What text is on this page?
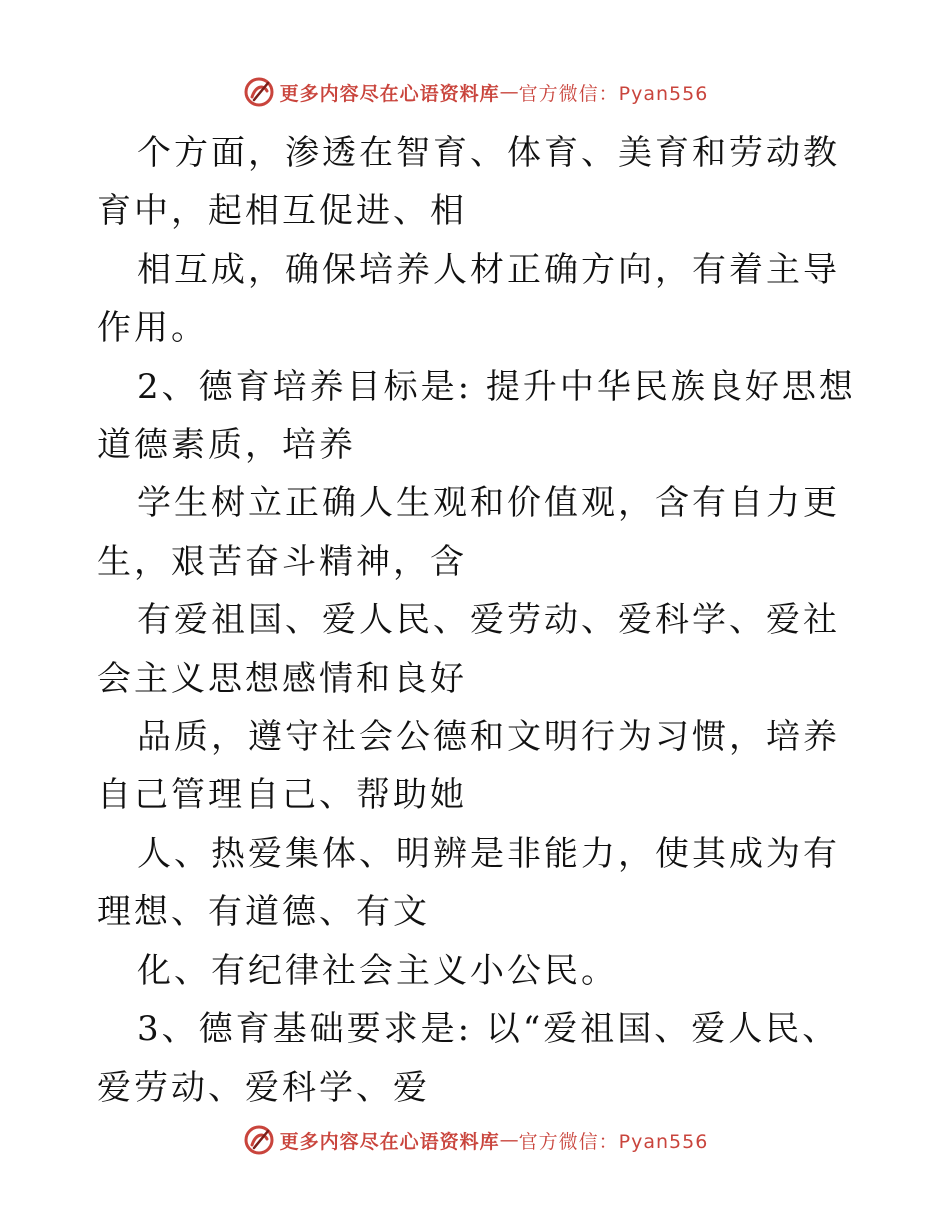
更多内容尽在心语资料库 — 官方微信：Pyan556

个方面，渗透在智育、体育、美育和劳动教育中，起相互促进、相

相互成，确保培养人材正确方向，有着主导作用。

2、德育培养目标是: 提升中华民族良好思想道德素质，培养

学生树立正确人生观和价值观，含有自力更生，艰苦奋斗精神，含

有爱祖国、爱人民、爱劳动、爱科学、爱社会主义思想感情和良好

品质，遵守社会公德和文明行为习惯，培养自己管理自己、帮助她

人、热爱集体、明辨是非能力，使其成为有理想、有道德、有文

化、有纪律社会主义小公民。

3、德育基础要求是: 以“爱祖国、爱人民、爱劳动、爱科学、爱

更多内容尽在心语资料库 — 官方微信：Pyan556
